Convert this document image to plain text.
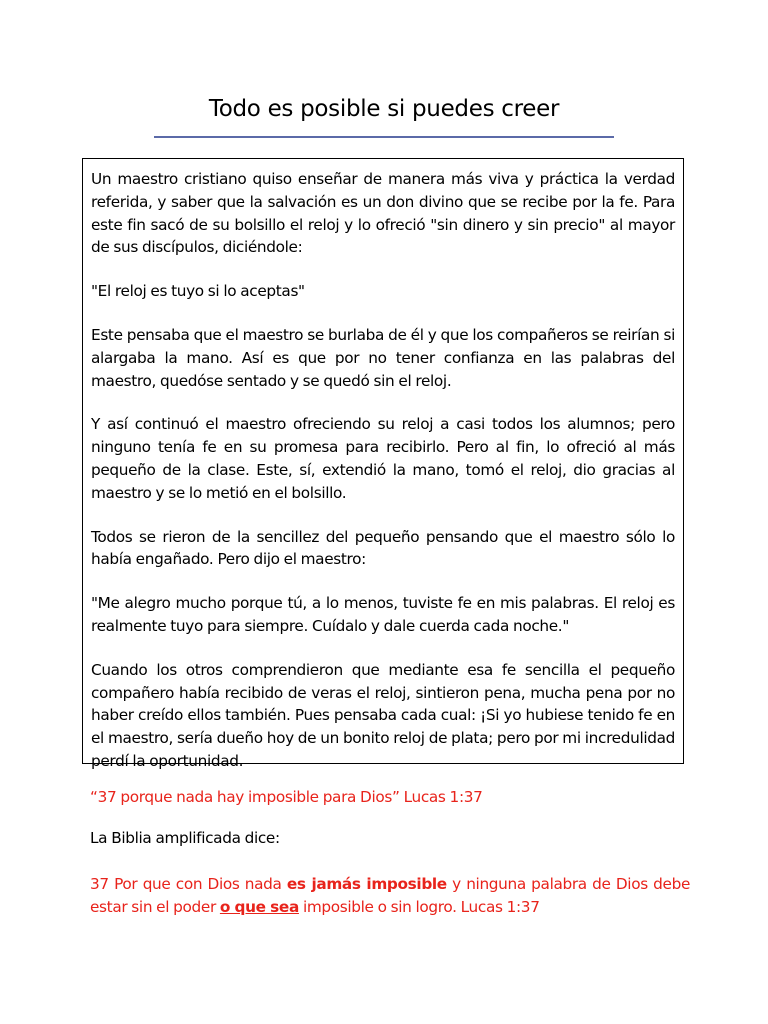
Todo es posible si puedes creer

Un maestro cristiano quiso enseñar de manera más viva y práctica la verdad referida, y saber que la salvación es un don divino que se recibe por la fe. Para este fin sacó de su bolsillo el reloj y lo ofreció "sin dinero y sin precio" al mayor de sus discípulos, diciéndole:

"El reloj es tuyo si lo aceptas"

Este pensaba que el maestro se burlaba de él y que los compañeros se reirían si alargaba la mano. Así es que por no tener confianza en las palabras del maestro, quedóse sentado y se quedó sin el reloj.

Y así continuó el maestro ofreciendo su reloj a casi todos los alumnos; pero ninguno tenía fe en su promesa para recibirlo. Pero al fin, lo ofreció al más pequeño de la clase. Este, sí, extendió la mano, tomó el reloj, dio gracias al maestro y se lo metió en el bolsillo.

Todos se rieron de la sencillez del pequeño pensando que el maestro sólo lo había engañado. Pero dijo el maestro:

"Me alegro mucho porque tú, a lo menos, tuviste fe en mis palabras. El reloj es realmente tuyo para siempre. Cuídalo y dale cuerda cada noche."

Cuando los otros comprendieron que mediante esa fe sencilla el pequeño compañero había recibido de veras el reloj, sintieron pena, mucha pena por no haber creído ellos también. Pues pensaba cada cual: ¡Si yo hubiese tenido fe en el maestro, sería dueño hoy de un bonito reloj de plata; pero por mi incredulidad perdí la oportunidad.

“37 porque nada hay imposible para Dios” Lucas 1:37

La Biblia amplificada dice:

37 Por que con Dios nada es jamás imposible y ninguna palabra de Dios debe estar sin el poder o que sea imposible o sin logro. Lucas 1:37
